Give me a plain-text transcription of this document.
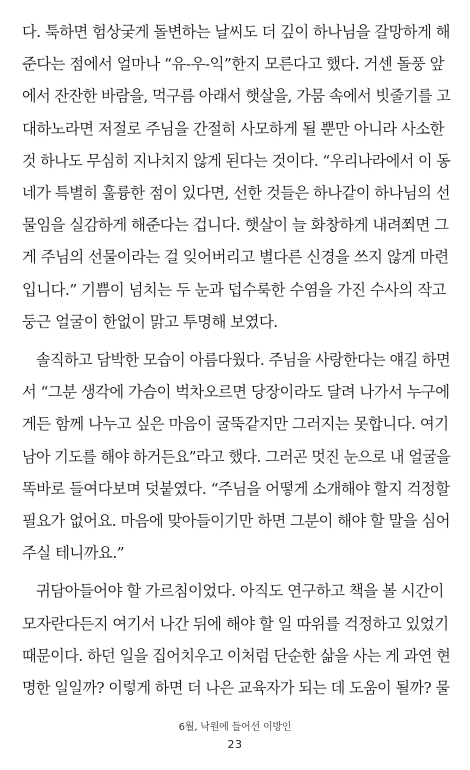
다. 툭하면 험상궂게 돌변하는 날씨도 더 깊이 하나님을 갈망하게 해
준다는 점에서 얼마나 “유-우-익”한지 모른다고 했다. 거센 돌풍 앞
에서 잔잔한 바람을, 먹구름 아래서 햇살을, 가뭄 속에서 빗줄기를 고
대하노라면 저절로 주님을 간절히 사모하게 될 뿐만 아니라 사소한
것 하나도 무심히 지나치지 않게 된다는 것이다. “우리나라에서 이 동
네가 특별히 훌륭한 점이 있다면, 선한 것들은 하나같이 하나님의 선
물임을 실감하게 해준다는 겁니다. 햇살이 늘 화창하게 내려쬐면 그
게 주님의 선물이라는 걸 잊어버리고 별다른 신경을 쓰지 않게 마련
입니다.” 기쁨이 넘치는 두 눈과 덥수룩한 수염을 가진 수사의 작고
둥근 얼굴이 한없이 맑고 투명해 보였다.
솔직하고 담박한 모습이 아름다웠다. 주님을 사랑한다는 얘길 하면
서 “그분 생각에 가슴이 벅차오르면 당장이라도 달려 나가서 누구에
게든 함께 나누고 싶은 마음이 굴뚝같지만 그러지는 못합니다. 여기
남아 기도를 해야 하거든요”라고 했다. 그러곤 멋진 눈으로 내 얼굴을
똑바로 들여다보며 덧붙였다. “주님을 어떻게 소개해야 할지 걱정할
필요가 없어요. 마음에 맞아들이기만 하면 그분이 해야 할 말을 심어
주실 테니까요.”
귀담아들어야 할 가르침이었다. 아직도 연구하고 책을 볼 시간이
모자란다든지 여기서 나간 뒤에 해야 할 일 따위를 걱정하고 있었기
때문이다. 하던 일을 집어치우고 이처럼 단순한 삶을 사는 게 과연 현
명한 일일까? 이렇게 하면 더 나은 교육자가 되는 데 도움이 될까? 물
6월, 낙원에 들어선 이방인
23
